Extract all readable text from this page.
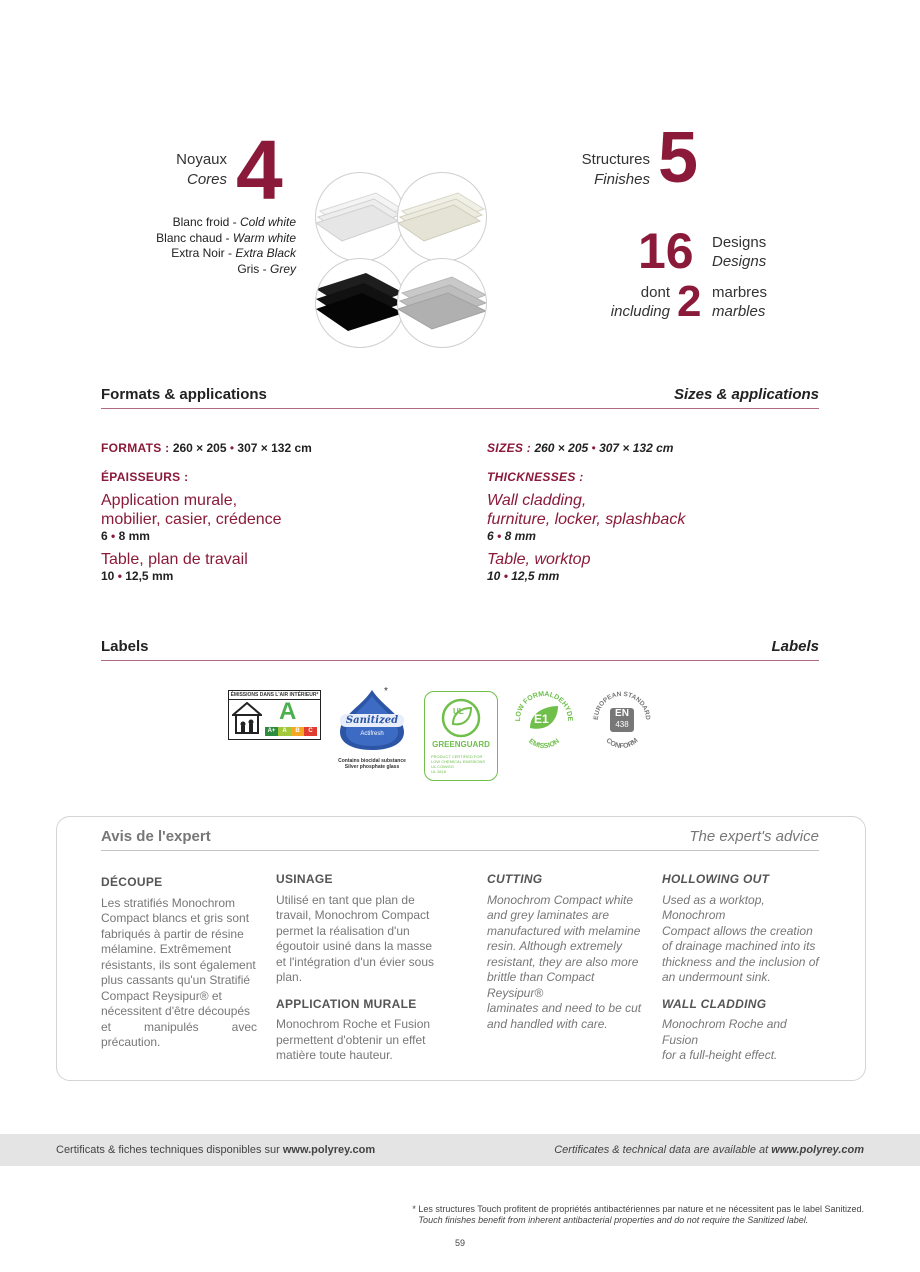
Noyaux
Cores 4
Blanc froid - Cold white
Blanc chaud - Warm white
Extra Noir - Extra Black
Gris - Grey
Structures
Finishes 5
16 Designs
Designs
dont
including 2 marbres
marbles
Formats & applications	Sizes & applications
FORMATS : 260 × 205 • 307 × 132 cm
ÉPAISSEURS :
Application murale,
mobilier, casier, crédence
6 • 8 mm
Table, plan de travail
10 • 12,5 mm
SIZES : 260 × 205 • 307 × 132 cm
THICKNESSES :
Wall cladding,
furniture, locker, splashback
6 • 8 mm
Table, worktop
10 • 12,5 mm
Labels	Labels
ÉMISSIONS DANS L'AIR INTÉRIEUR*
A
A+	A	B	C
Sanitized
Actifresh
*
Contains biocidal substance
Silver phosphate glass
UL
GREENGUARD
PRODUCT CERTIFIED FOR
LOW CHEMICAL EMISSIONS
UL.COM/GG
UL 2818
LOW FORMALDEHYDE
EMISSION
E1	EUROPEAN STANDARD
CONFORM
EN
438
Avis de l'expert	The expert's advice
DÉCOUPE
Les stratifiés Monochrom
Compact blancs et gris sont
fabriqués à partir de résine
mélamine. Extrêmement
résistants, ils sont également
plus cassants qu'un Stratifié
Compact Reysipur® et
nécessitent d'être découpés
et manipulés avec précaution.
USINAGE
Utilisé en tant que plan de
travail, Monochrom Compact
permet la réalisation d'un
égoutoir usiné dans la masse
et l'intégration d'un évier sous
plan.
APPLICATION MURALE
Monochrom Roche et Fusion
permettent d'obtenir un effet
matière toute hauteur.
CUTTING
Monochrom Compact white
and grey laminates are
manufactured with melamine
resin. Although extremely
resistant, they are also more
brittle than Compact Reysipur®
laminates and need to be cut
and handled with care.
HOLLOWING OUT
Used as a worktop, Monochrom
Compact allows the creation
of drainage machined into its
thickness and the inclusion of
an undermount sink.
WALL CLADDING
Monochrom Roche and Fusion
for a full-height effect.
Certificats & fiches techniques disponibles sur www.polyrey.com	Certificates & technical data are available at www.polyrey.com
* Les structures Touch profitent de propriétés antibactériennes par nature et ne nécessitent pas le label Sanitized.
Touch finishes benefit from inherent antibacterial properties and do not require the Sanitized label.
59
